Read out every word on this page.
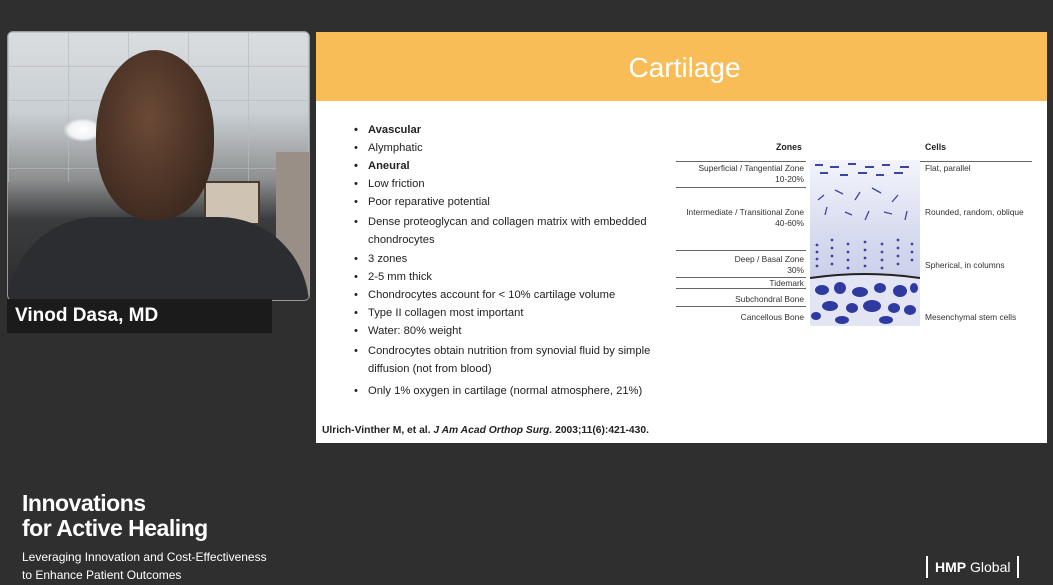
Vinod Dasa, MD
Cartilage
• Avascular
• Alymphatic
• Aneural
• Low friction
• Poor reparative potential
• Dense proteoglycan and collagen matrix with embedded chondrocytes
• 3 zones
• 2-5 mm thick
• Chondrocytes account for < 10% cartilage volume
• Type II collagen most important
• Water: 80% weight
• Condrocytes obtain nutrition from synovial fluid by simple diffusion (not from blood)
• Only 1% oxygen in cartilage (normal atmosphere, 21%)
Ulrich-Vinther M, et al. J Am Acad Orthop Surg. 2003;11(6):421-430.
Zones	Cells
Superficial / Tangential Zone
10-20%
Intermediate / Transitional Zone
40-60%
Deep / Basal Zone
30%
Tidemark
Subchondral Bone
Cancellous Bone
Flat, parallel
Rounded, random, oblique
Spherical, in columns
Mesenchymal stem cells
Innovations
for Active Healing
Leveraging Innovation and Cost-Effectiveness
to Enhance Patient Outcomes	HMP Global
